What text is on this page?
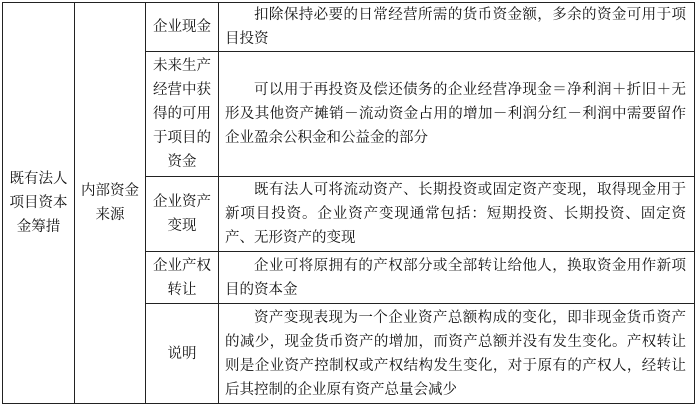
既有法人项目资本金筹措	内部资金来源	企业现金	扣除保持必要的日常经营所需的货币资金额，多余的资金可用于项目投资

		未来生产经营中获得的可用于项目的资金	可以用于再投资及偿还债务的企业经营净现金＝净利润＋折旧＋无形及其他资产摊销－流动资金占用的增加－利润分红－利润中需要留作企业盈余公积金和公益金的部分

		企业资产变现	既有法人可将流动资产、长期投资或固定资产变现，取得现金用于新项目投资。企业资产变现通常包括：短期投资、长期投资、固定资产、无形资产的变现

		企业产权转让	企业可将原拥有的产权部分或全部转让给他人，换取资金用作新项目的资本金

		说明	资产变现表现为一个企业资产总额构成的变化，即非现金货币资产的减少，现金货币资产的增加，而资产总额并没有发生变化。产权转让则是企业资产控制权或产权结构发生变化，对于原有的产权人，经转让后其控制的企业原有资产总量会减少
